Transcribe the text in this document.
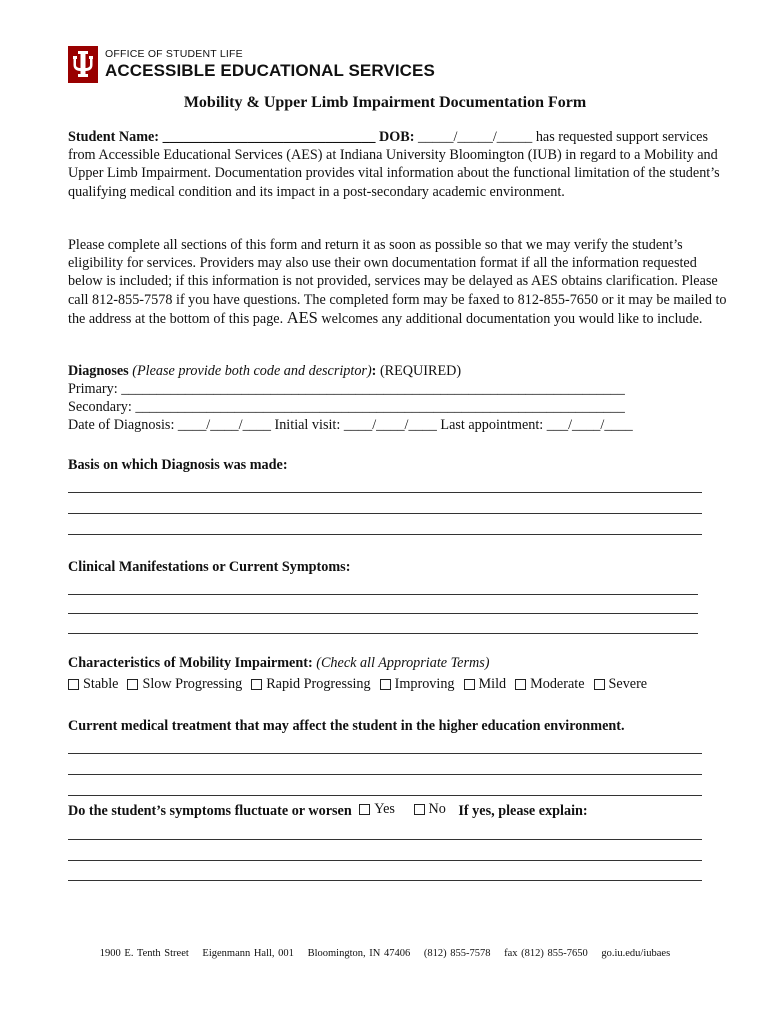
OFFICE OF STUDENT LIFE
ACCESSIBLE EDUCATIONAL SERVICES
Mobility & Upper Limb Impairment Documentation Form
Student Name: ______________________________ DOB: _____/_____/_____ has requested support services from Accessible Educational Services (AES) at Indiana University Bloomington (IUB) in regard to a Mobility and Upper Limb Impairment. Documentation provides vital information about the functional limitation of the student’s qualifying medical condition and its impact in a post-secondary academic environment.
Please complete all sections of this form and return it as soon as possible so that we may verify the student’s eligibility for services. Providers may also use their own documentation format if all the information requested below is included; if this information is not provided, services may be delayed as AES obtains clarification. Please call 812-855-7578 if you have questions. The completed form may be faxed to 812-855-7650 or it may be mailed to the address at the bottom of this page. AES welcomes any additional documentation you would like to include.
Diagnoses (Please provide both code and descriptor): (REQUIRED)
Primary: _______________________________________________________________________
Secondary: _____________________________________________________________________
Date of Diagnosis: ____/____/____ Initial visit: ____/____/____ Last appointment: ___/____/____
Basis on which Diagnosis was made:
Clinical Manifestations or Current Symptoms:
Characteristics of Mobility Impairment: (Check all Appropriate Terms)
Stable Slow Progressing Rapid Progressing Improving Mild Moderate Severe
Current medical treatment that may affect the student in the higher education environment.
Do the student’s symptoms fluctuate or worsen Yes
No If yes, please explain:
1900 E. Tenth Street Eigenmann Hall, 001 Bloomington, IN 47406 (812) 855-7578 fax (812) 855-7650 go.iu.edu/iubaes
